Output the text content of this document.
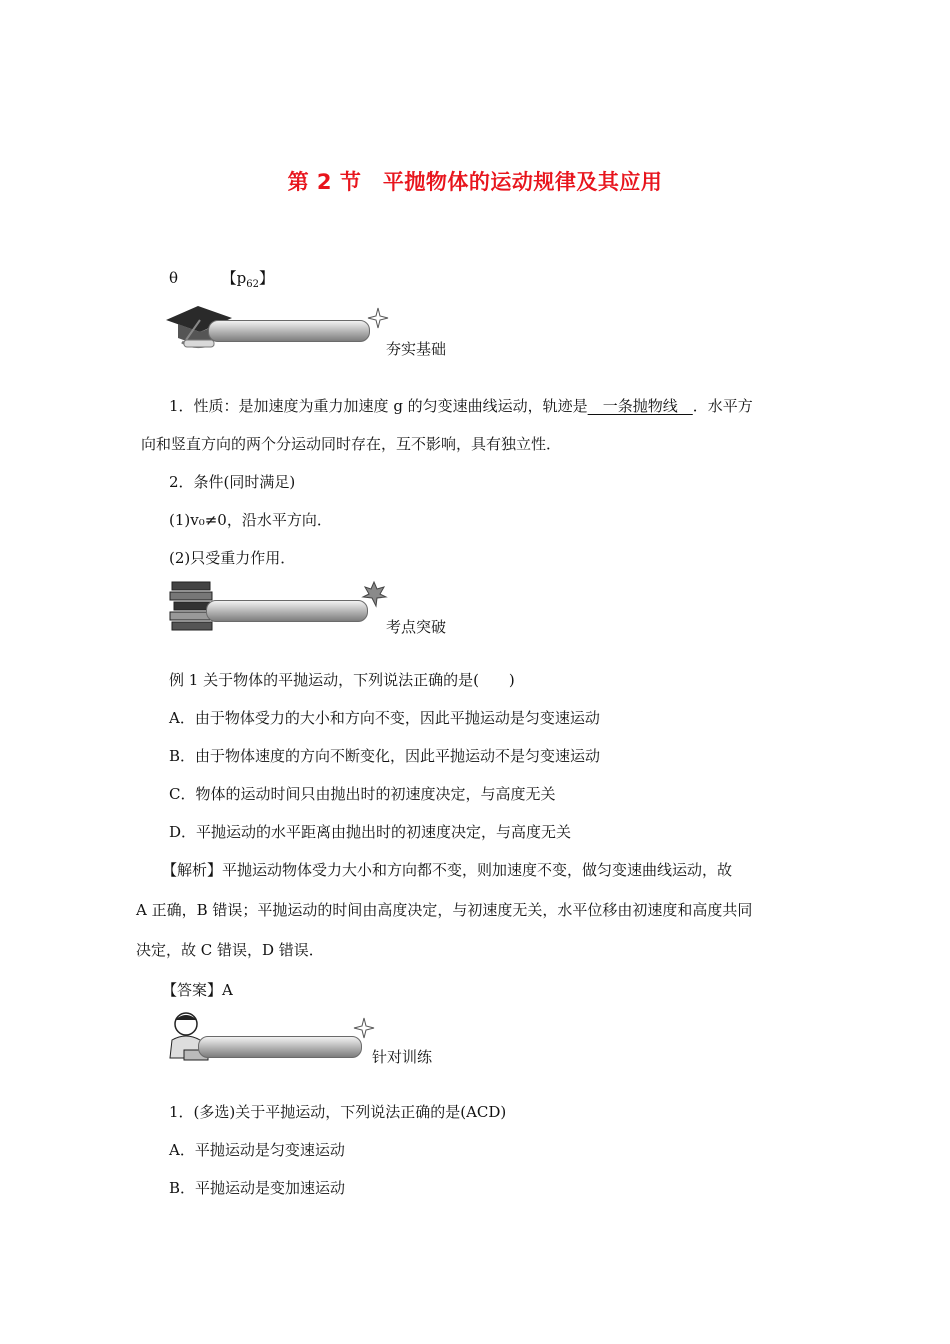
第 2 节　平抛物体的运动规律及其应用
θ	【$p_{62}$】
夯实基础
1．性质：是加速度为重力加速度 g 的匀变速曲线运动，轨迹是__一条抛物线__．水平方
向和竖直方向的两个分运动同时存在，互不影响，具有独立性．
2．条件(同时满足)
(1)v₀≠0，沿水平方向．
(2)只受重力作用．
考点突破
例 1 关于物体的平抛运动，下列说法正确的是(　　)
A．由于物体受力的大小和方向不变，因此平抛运动是匀变速运动
B．由于物体速度的方向不断变化，因此平抛运动不是匀变速运动
C．物体的运动时间只由抛出时的初速度决定，与高度无关
D．平抛运动的水平距离由抛出时的初速度决定，与高度无关
【解析】平抛运动物体受力大小和方向都不变，则加速度不变，做匀变速曲线运动，故
A 正确，B 错误；平抛运动的时间由高度决定，与初速度无关，水平位移由初速度和高度共同
决定，故 C 错误，D 错误．
【答案】A
针对训练
1．(多选)关于平抛运动，下列说法正确的是(ACD)
A．平抛运动是匀变速运动
B．平抛运动是变加速运动
